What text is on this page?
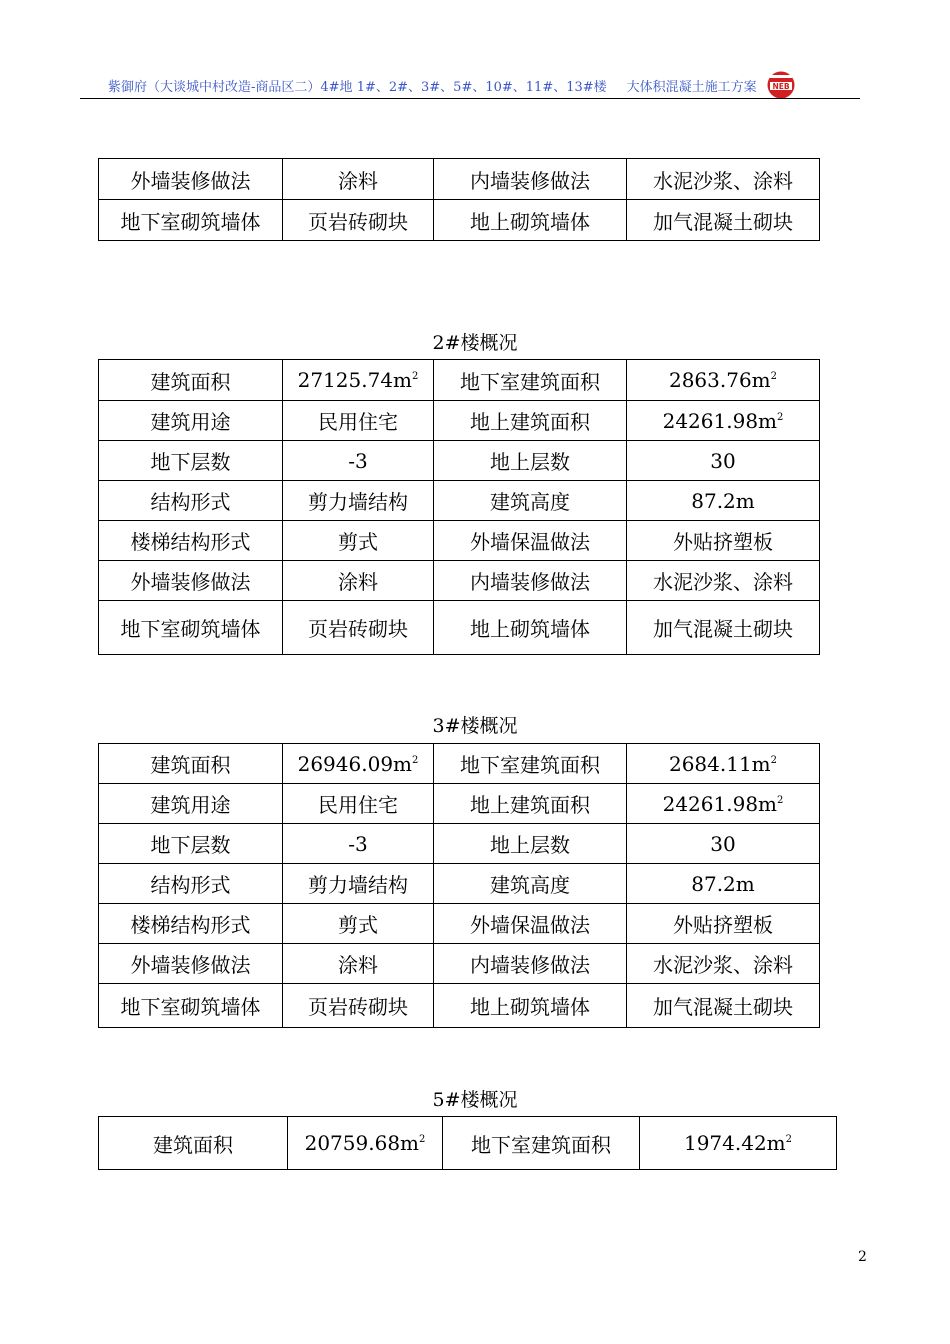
紫御府（大谈城中村改造-商品区二）4#地 1#、2#、3#、5#、10#、11#、13#楼 大体积混凝土施工方案	NEB
外墙装修做法	涂料	内墙装修做法	水泥沙浆、涂料
地下室砌筑墙体	页岩砖砌块	地上砌筑墙体	加气混凝土砌块
2#楼概况
建筑面积	$27125.74m^2$	地下室建筑面积	$2863.76m^2$
建筑用途	民用住宅	地上建筑面积	$24261.98m^2$
地下层数	-3	地上层数	30
结构形式	剪力墙结构	建筑高度	87.2m
楼梯结构形式	剪式	外墙保温做法	外贴挤塑板
外墙装修做法	涂料	内墙装修做法	水泥沙浆、涂料
地下室砌筑墙体	页岩砖砌块	地上砌筑墙体	加气混凝土砌块
3#楼概况
建筑面积	$26946.09m^2$	地下室建筑面积	$2684.11m^2$
建筑用途	民用住宅	地上建筑面积	$24261.98m^2$
地下层数	-3	地上层数	30
结构形式	剪力墙结构	建筑高度	87.2m
楼梯结构形式	剪式	外墙保温做法	外贴挤塑板
外墙装修做法	涂料	内墙装修做法	水泥沙浆、涂料
地下室砌筑墙体	页岩砖砌块	地上砌筑墙体	加气混凝土砌块
5#楼概况
建筑面积	$20759.68m^2$	地下室建筑面积	$1974.42m^2$
2
